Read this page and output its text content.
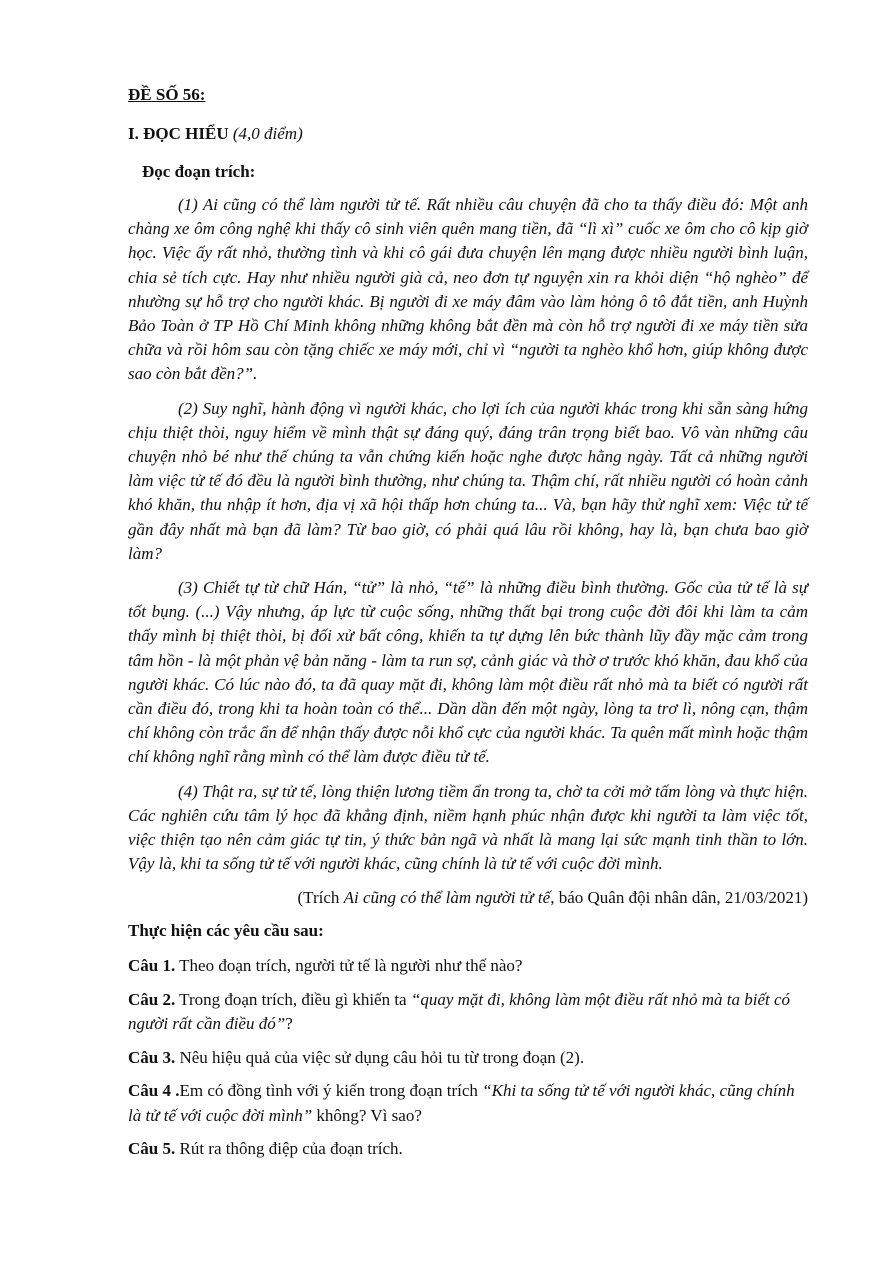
ĐỀ SỐ 56:

I. ĐỌC HIỂU (4,0 điểm)

Đọc đoạn trích:

(1) Ai cũng có thể làm người tử tế. Rất nhiều câu chuyện đã cho ta thấy điều đó: Một anh chàng xe ôm công nghệ khi thấy cô sinh viên quên mang tiền, đã “lì xì” cuốc xe ôm cho cô kịp giờ học. Việc ấy rất nhỏ, thường tình và khi cô gái đưa chuyện lên mạng được nhiều người bình luận, chia sẻ tích cực. Hay như nhiều người già cả, neo đơn tự nguyện xin ra khỏi diện “hộ nghèo” để nhường sự hỗ trợ cho người khác. Bị người đi xe máy đâm vào làm hỏng ô tô đắt tiền, anh Huỳnh Bảo Toàn ở TP Hồ Chí Minh không những không bắt đền mà còn hỗ trợ người đi xe máy tiền sửa chữa và rồi hôm sau còn tặng chiếc xe máy mới, chỉ vì “người ta nghèo khổ hơn, giúp không được sao còn bắt đền?”.

(2) Suy nghĩ, hành động vì người khác, cho lợi ích của người khác trong khi sẵn sàng hứng chịu thiệt thòi, nguy hiểm về mình thật sự đáng quý, đáng trân trọng biết bao. Vô vàn những câu chuyện nhỏ bé như thế chúng ta vẫn chứng kiến hoặc nghe được hằng ngày. Tất cả những người làm việc tử tế đó đều là người bình thường, như chúng ta. Thậm chí, rất nhiều người có hoàn cảnh khó khăn, thu nhập ít hơn, địa vị xã hội thấp hơn chúng ta... Và, bạn hãy thử nghĩ xem: Việc tử tế gần đây nhất mà bạn đã làm? Từ bao giờ, có phải quá lâu rồi không, hay là, bạn chưa bao giờ làm?

(3) Chiết tự từ chữ Hán, “tử” là nhỏ, “tế” là những điều bình thường. Gốc của tử tế là sự tốt bụng. (...) Vậy nhưng, áp lực từ cuộc sống, những thất bại trong cuộc đời đôi khi làm ta cảm thấy mình bị thiệt thòi, bị đối xử bất công, khiến ta tự dựng lên bức thành lũy đầy mặc cảm trong tâm hồn - là một phản vệ bản năng - làm ta run sợ, cảnh giác và thờ ơ trước khó khăn, đau khổ của người khác. Có lúc nào đó, ta đã quay mặt đi, không làm một điều rất nhỏ mà ta biết có người rất cần điều đó, trong khi ta hoàn toàn có thể... Dần dần đến một ngày, lòng ta trơ lì, nông cạn, thậm chí không còn trắc ẩn để nhận thấy được nỗi khổ cực của người khác. Ta quên mất mình hoặc thậm chí không nghĩ rằng mình có thể làm được điều tử tế.

(4) Thật ra, sự tử tế, lòng thiện lương tiềm ẩn trong ta, chờ ta cởi mở tấm lòng và thực hiện. Các nghiên cứu tâm lý học đã khẳng định, niềm hạnh phúc nhận được khi người ta làm việc tốt, việc thiện tạo nên cảm giác tự tin, ý thức bản ngã và nhất là mang lại sức mạnh tinh thần to lớn. Vậy là, khi ta sống tử tế với người khác, cũng chính là tử tế với cuộc đời mình.

(Trích Ai cũng có thể làm người tử tế, báo Quân đội nhân dân, 21/03/2021)

Thực hiện các yêu cầu sau:

Câu 1. Theo đoạn trích, người tử tế là người như thế nào?

Câu 2. Trong đoạn trích, điều gì khiến ta “quay mặt đi, không làm một điều rất nhỏ mà ta biết có người rất cần điều đó”?

Câu 3. Nêu hiệu quả của việc sử dụng câu hỏi tu từ trong đoạn (2).

Câu 4 .Em có đồng tình với ý kiến trong đoạn trích “Khi ta sống tử tế với người khác, cũng chính là tử tế với cuộc đời mình” không? Vì sao?

Câu 5. Rút ra thông điệp của đoạn trích.
